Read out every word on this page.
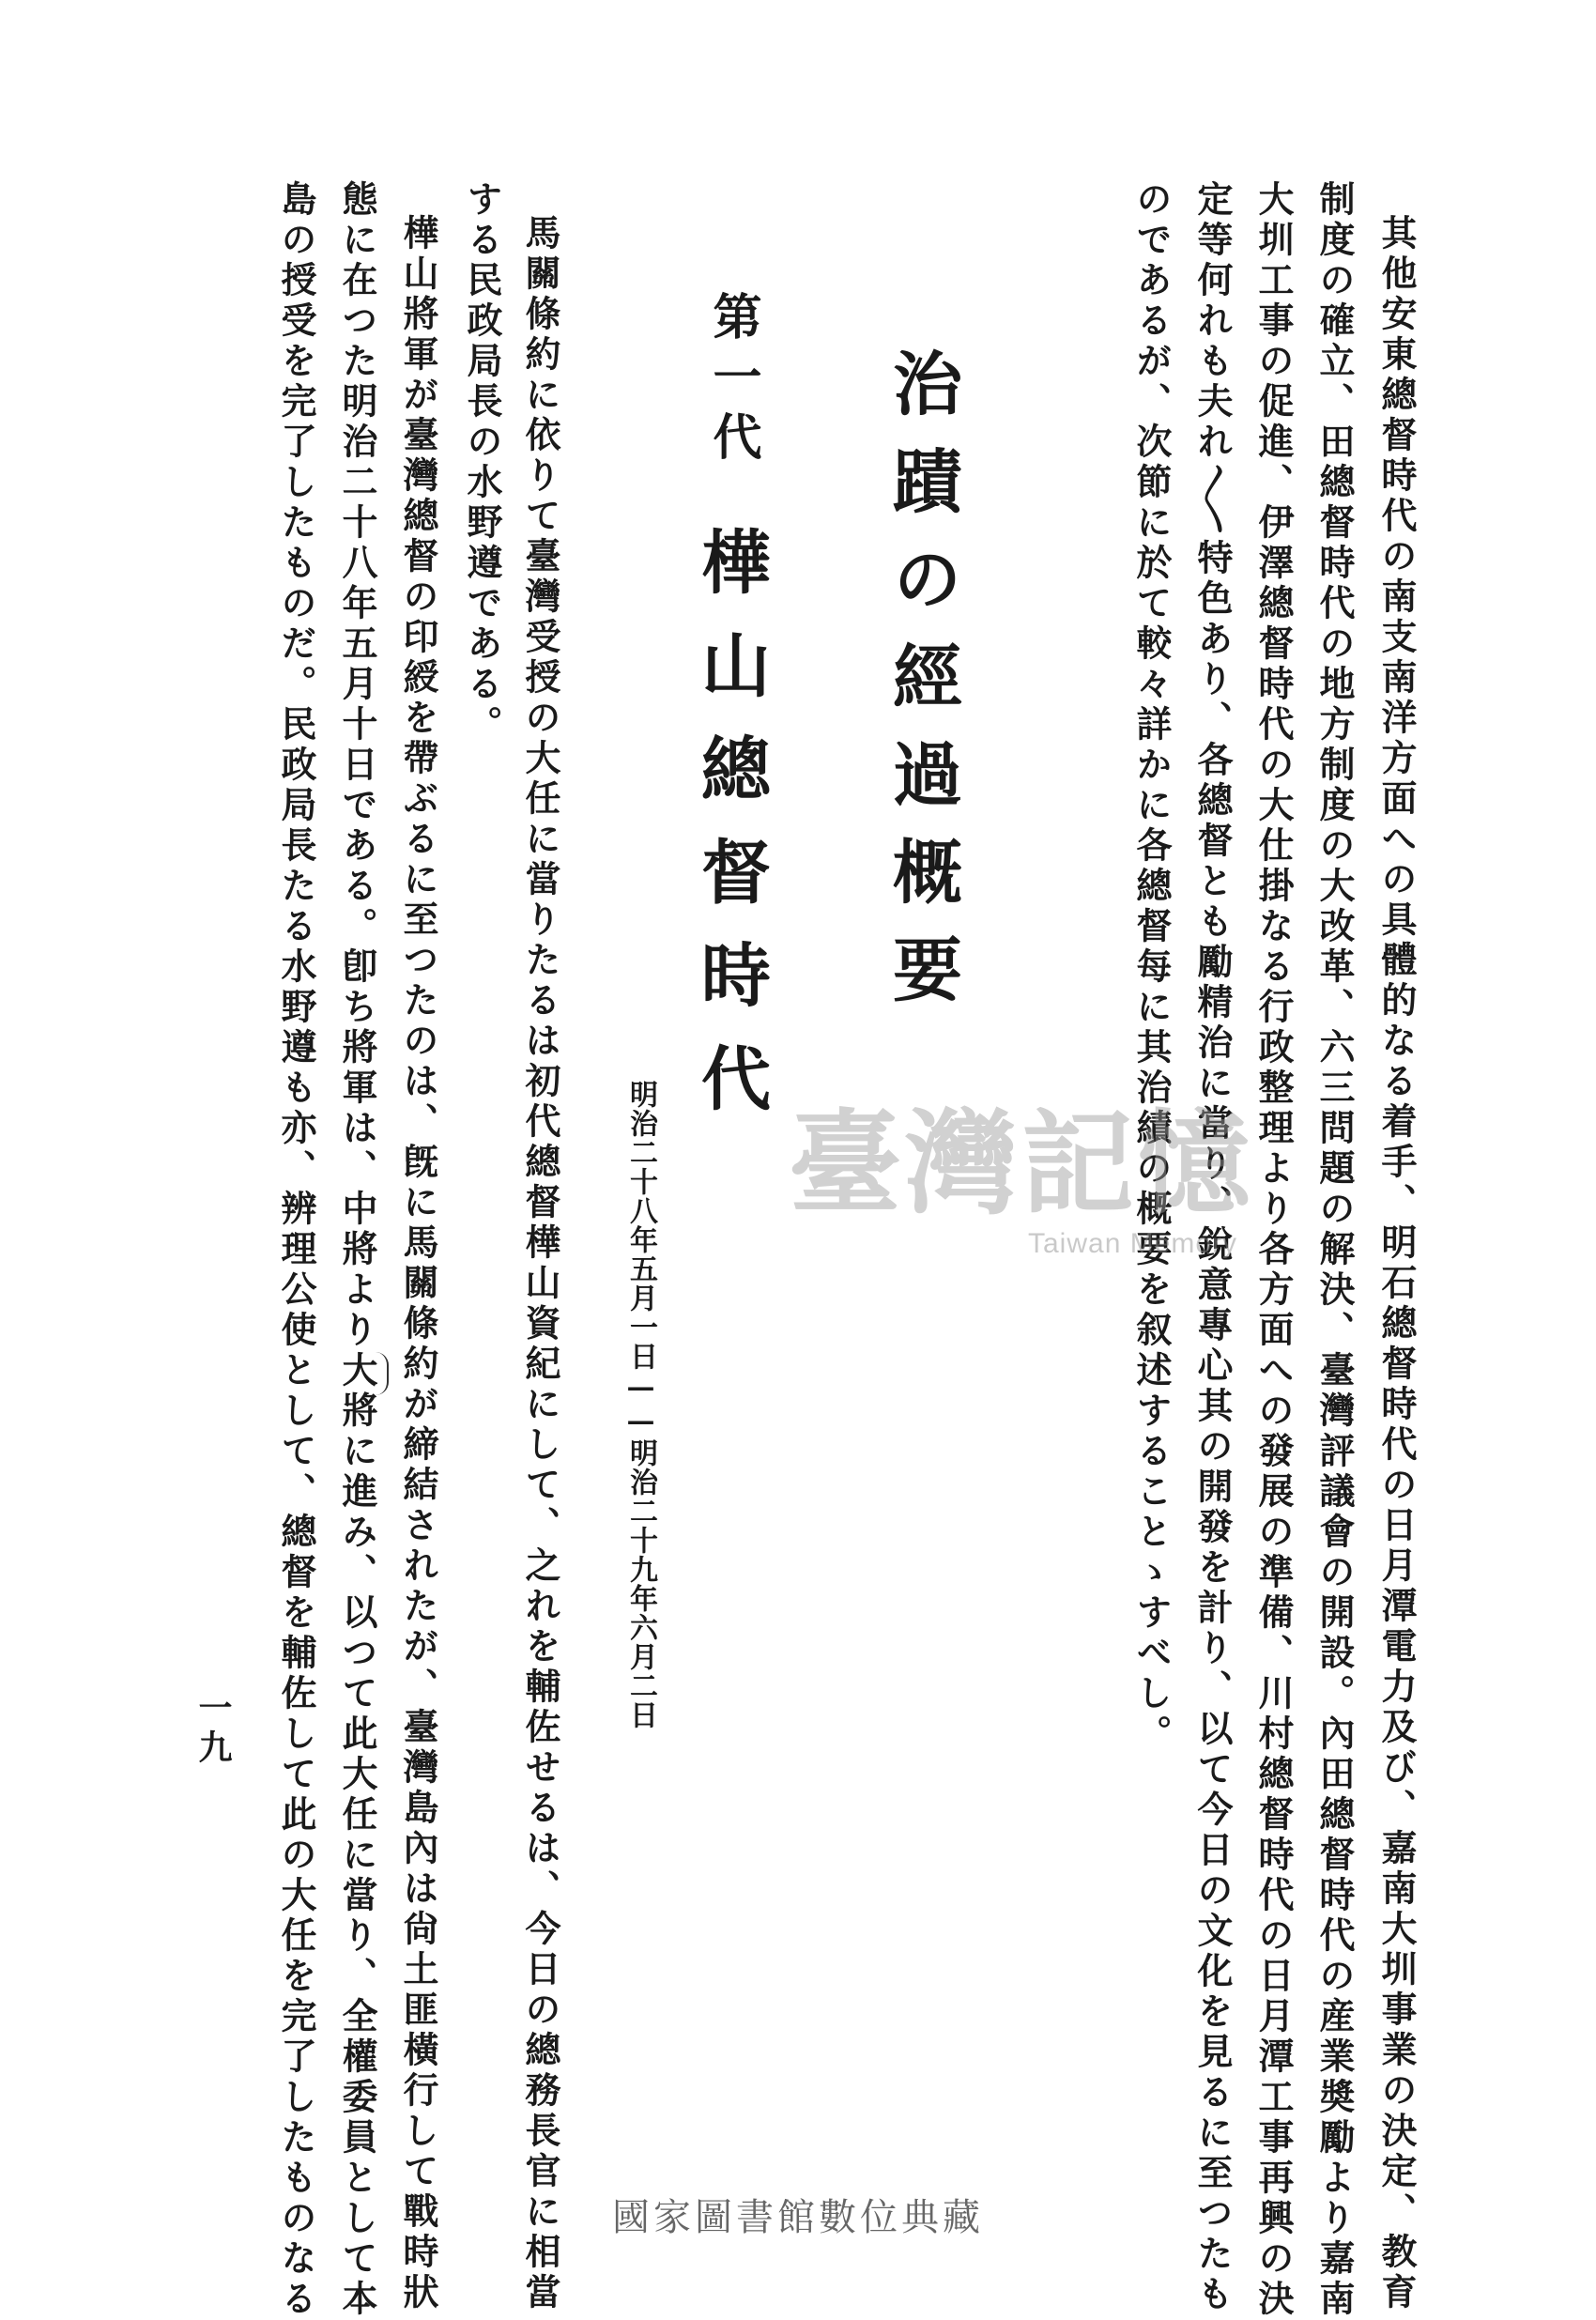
其他安東總督時代の南支南洋方面への具體的なる着手、明石總督時代の日月潭電力及び、嘉南大圳事業の決定、教育

制度の確立、田總督時代の地方制度の大改革、六三問題の解決、臺灣評議會の開設。內田總督時代の産業奬勵より嘉南

大圳工事の促進、伊澤總督時代の大仕掛なる行政整理より各方面への發展の準備、川村總督時代の日月潭工事再興の決

定等何れも夫れ〱特色あり、各總督とも勵精治に當り、銳意專心其の開發を計り、以て今日の文化を見るに至つたも

のであるが、次節に於て較々詳かに各總督每に其治績の概要を叙述することゝすべし。

治蹟の經過概要
第一代
樺山總督時代
明治二十八年五月一日——明治二十九年六月二日

馬關條約に依りて臺灣受授の大任に當りたるは初代總督樺山資紀にして、之れを輔佐せるは、今日の總務長官に相當

する民政局長の水野遵である。

樺山將軍が臺灣總督の印綬を帶ぶるに至つたのは、旣に馬關條約が締結されたが、臺灣島內は尙土匪橫行して戰時狀

態に在つた明治二十八年五月十日である。卽ち將軍は、中將より大將に進み、以つて此大任に當り、全權委員として本

島の授受を完了したものだ。民政局長たる水野遵も亦、辨理公使として、總督を輔佐して此の大任を完了したものなる

一九
臺灣記憶
Taiwan Memory
國家圖書館數位典藏
